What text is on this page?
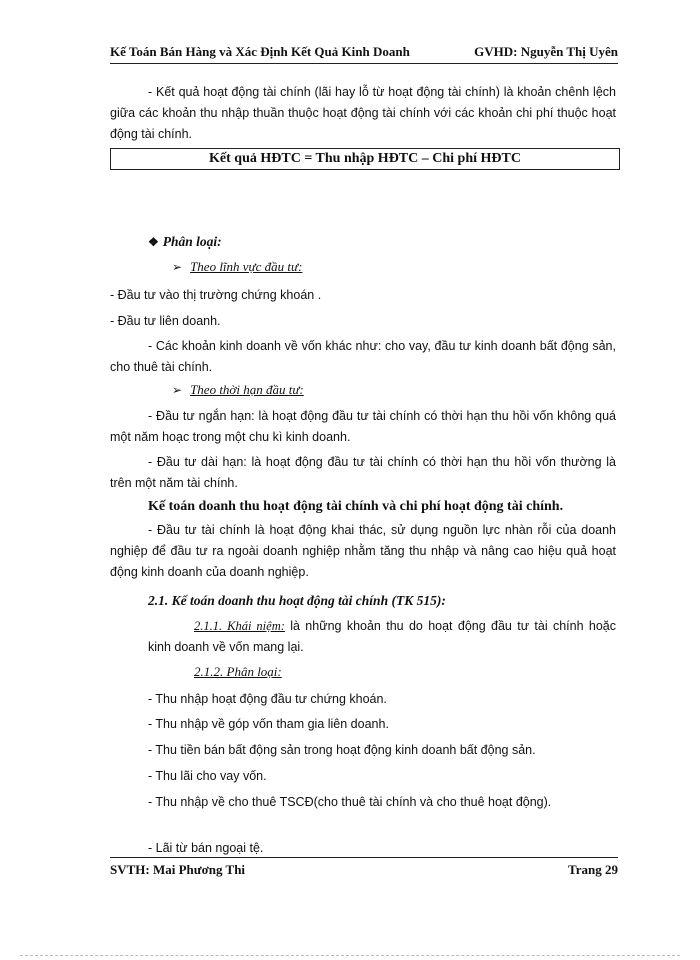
Kế Toán Bán Hàng và Xác Định Kết Quả Kinh Doanh	GVHD: Nguyễn Thị Uyên

- Kết quả hoạt động tài chính (lãi hay lỗ từ hoạt động tài chính) là khoản chênh lệch giữa các khoản thu nhập thuần thuộc hoạt động tài chính với các khoản chi phí thuộc hoạt động tài chính.

Kết quả HĐTC = Thu nhập HĐTC – Chi phí HĐTC
❖ Phân loại:
➢ Theo lĩnh vực đầu tư:

- Đầu tư vào thị trường chứng khoán .

- Đầu tư liên doanh.

- Các khoản kinh doanh về vốn khác như: cho vay, đầu tư kinh doanh bất động sản, cho thuê tài chính.

➢ Theo thời hạn đầu tư:

- Đầu tư ngắn hạn: là hoạt động đầu tư tài chính có thời hạn thu hồi vốn không quá một năm hoạc trong một chu kì kinh doanh.

- Đầu tư dài hạn: là hoạt động đầu tư tài chính có thời hạn thu hồi vốn thường là trên một năm tài chính.

Kế toán doanh thu hoạt động tài chính và chi phí hoạt động tài chính.

- Đầu tư tài chính là hoạt động khai thác, sử dụng nguồn lực nhàn rỗi của doanh nghiệp để đầu tư ra ngoài doanh nghiệp nhằm tăng thu nhập và nâng cao hiệu quả hoạt động kinh doanh của doanh nghiệp.

2.1. Kế toán doanh thu hoạt động tài chính (TK 515):

2.1.1. Khái niệm: là những khoản thu do hoạt động đầu tư tài chính hoặc kinh doanh về vốn mang lại.

2.1.2. Phân loại:

- Thu nhập hoạt động đầu tư chứng khoán.

- Thu nhập về góp vốn tham gia liên doanh.

- Thu tiền bán bất động sản trong hoạt động kinh doanh bất động sản.

- Thu lãi cho vay vốn.

- Thu nhập về cho thuê TSCĐ(cho thuê tài chính và cho thuê hoạt động).

- Lãi từ bán ngoại tệ.

SVTH: Mai Phương Thi	Trang 29
